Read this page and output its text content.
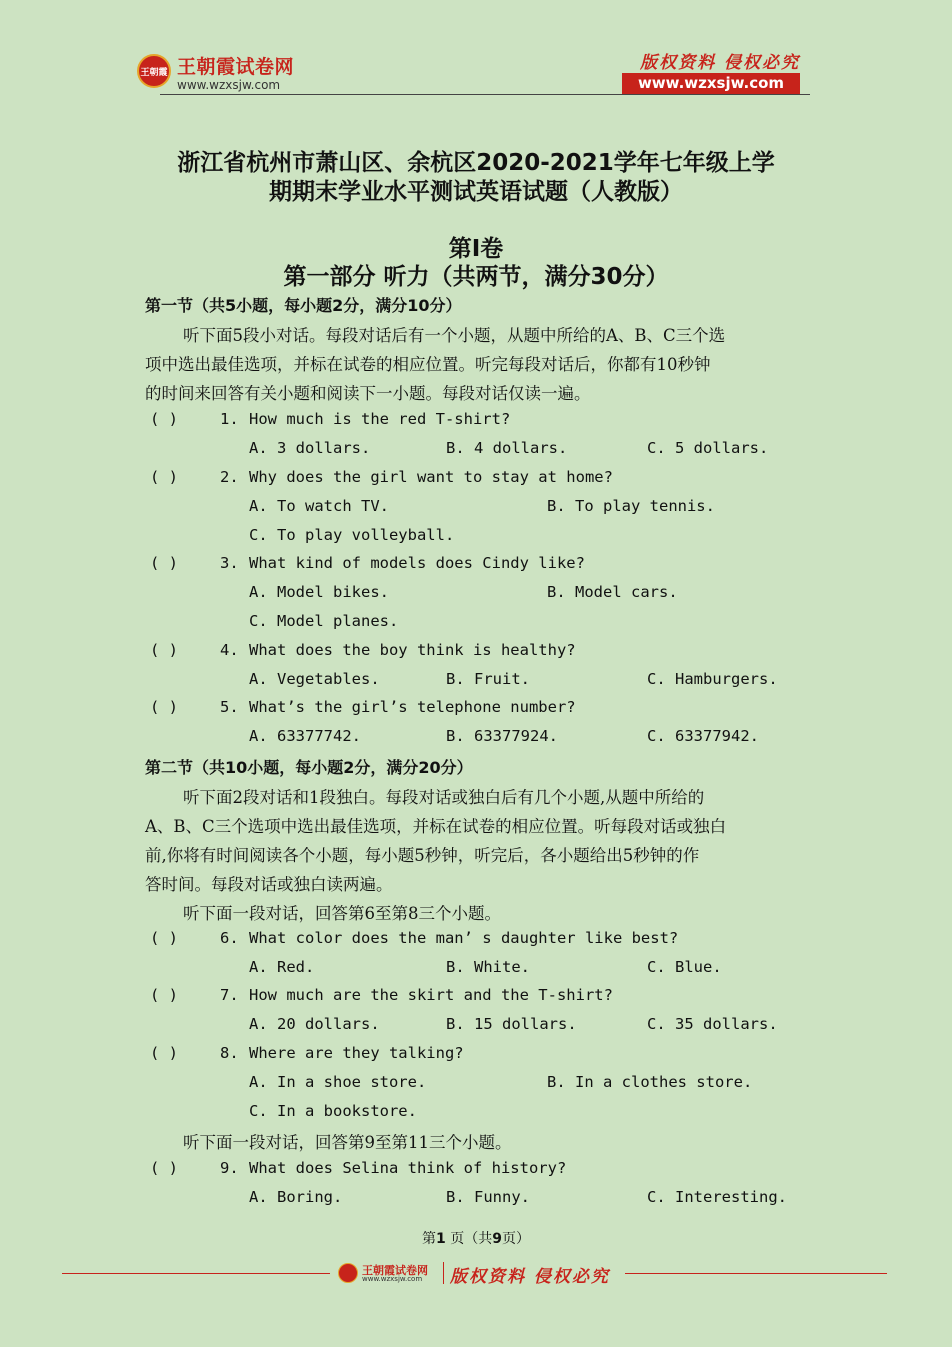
王朝霞 王朝霞试卷网
www.wzxsjw.com
版权资料 侵权必究
www.wzxsjw.com
浙江省杭州市萧山区、余杭区2020-2021学年七年级上学
期期末学业水平测试英语试题（人教版）
第Ⅰ卷
第一部分 听力（共两节，满分30分）
第一节（共5小题，每小题2分，满分10分）
听下面5段小对话。每段对话后有一个小题，从题中所给的A、B、C三个选
项中选出最佳选项，并标在试卷的相应位置。听完每段对话后，你都有10秒钟
的时间来回答有关小题和阅读下一小题。每段对话仅读一遍。
( )	1. How much is the red T-shirt?
A. 3 dollars.	B. 4 dollars.	C. 5 dollars.
( )	2. Why does the girl want to stay at home?
A. To watch TV.	B. To play tennis.
C. To play volleyball.
( )	3. What kind of models does Cindy like?
A. Model bikes.	B. Model cars.
C. Model planes.
( )	4. What does the boy think is healthy?
A. Vegetables.	B. Fruit.	C. Hamburgers.
( )	5. What’s the girl’s telephone number?
A. 63377742.	B. 63377924.	C. 63377942.
第二节（共10小题，每小题2分，满分20分）
听下面2段对话和1段独白。每段对话或独白后有几个小题,从题中所给的
A、B、C三个选项中选出最佳选项，并标在试卷的相应位置。听每段对话或独白
前,你将有时间阅读各个小题，每小题5秒钟，听完后，各小题给出5秒钟的作
答时间。每段对话或独白读两遍。
听下面一段对话，回答第6至第8三个小题。
( )	6. What color does the man’ s daughter like best?
A. Red.	B. White.	C. Blue.
( )	7. How much are the skirt and the T-shirt?
A. 20 dollars.	B. 15 dollars.	C. 35 dollars.
( )	8. Where are they talking?
A. In a shoe store.	B. In a clothes store.
C. In a bookstore.
听下面一段对话，回答第9至第11三个小题。
( )	9. What does Selina think of history?
A. Boring.	B. Funny.	C. Interesting.
第1 页（共9页）
王朝霞试卷网
www.wzxsjw.com 版权资料 侵权必究
